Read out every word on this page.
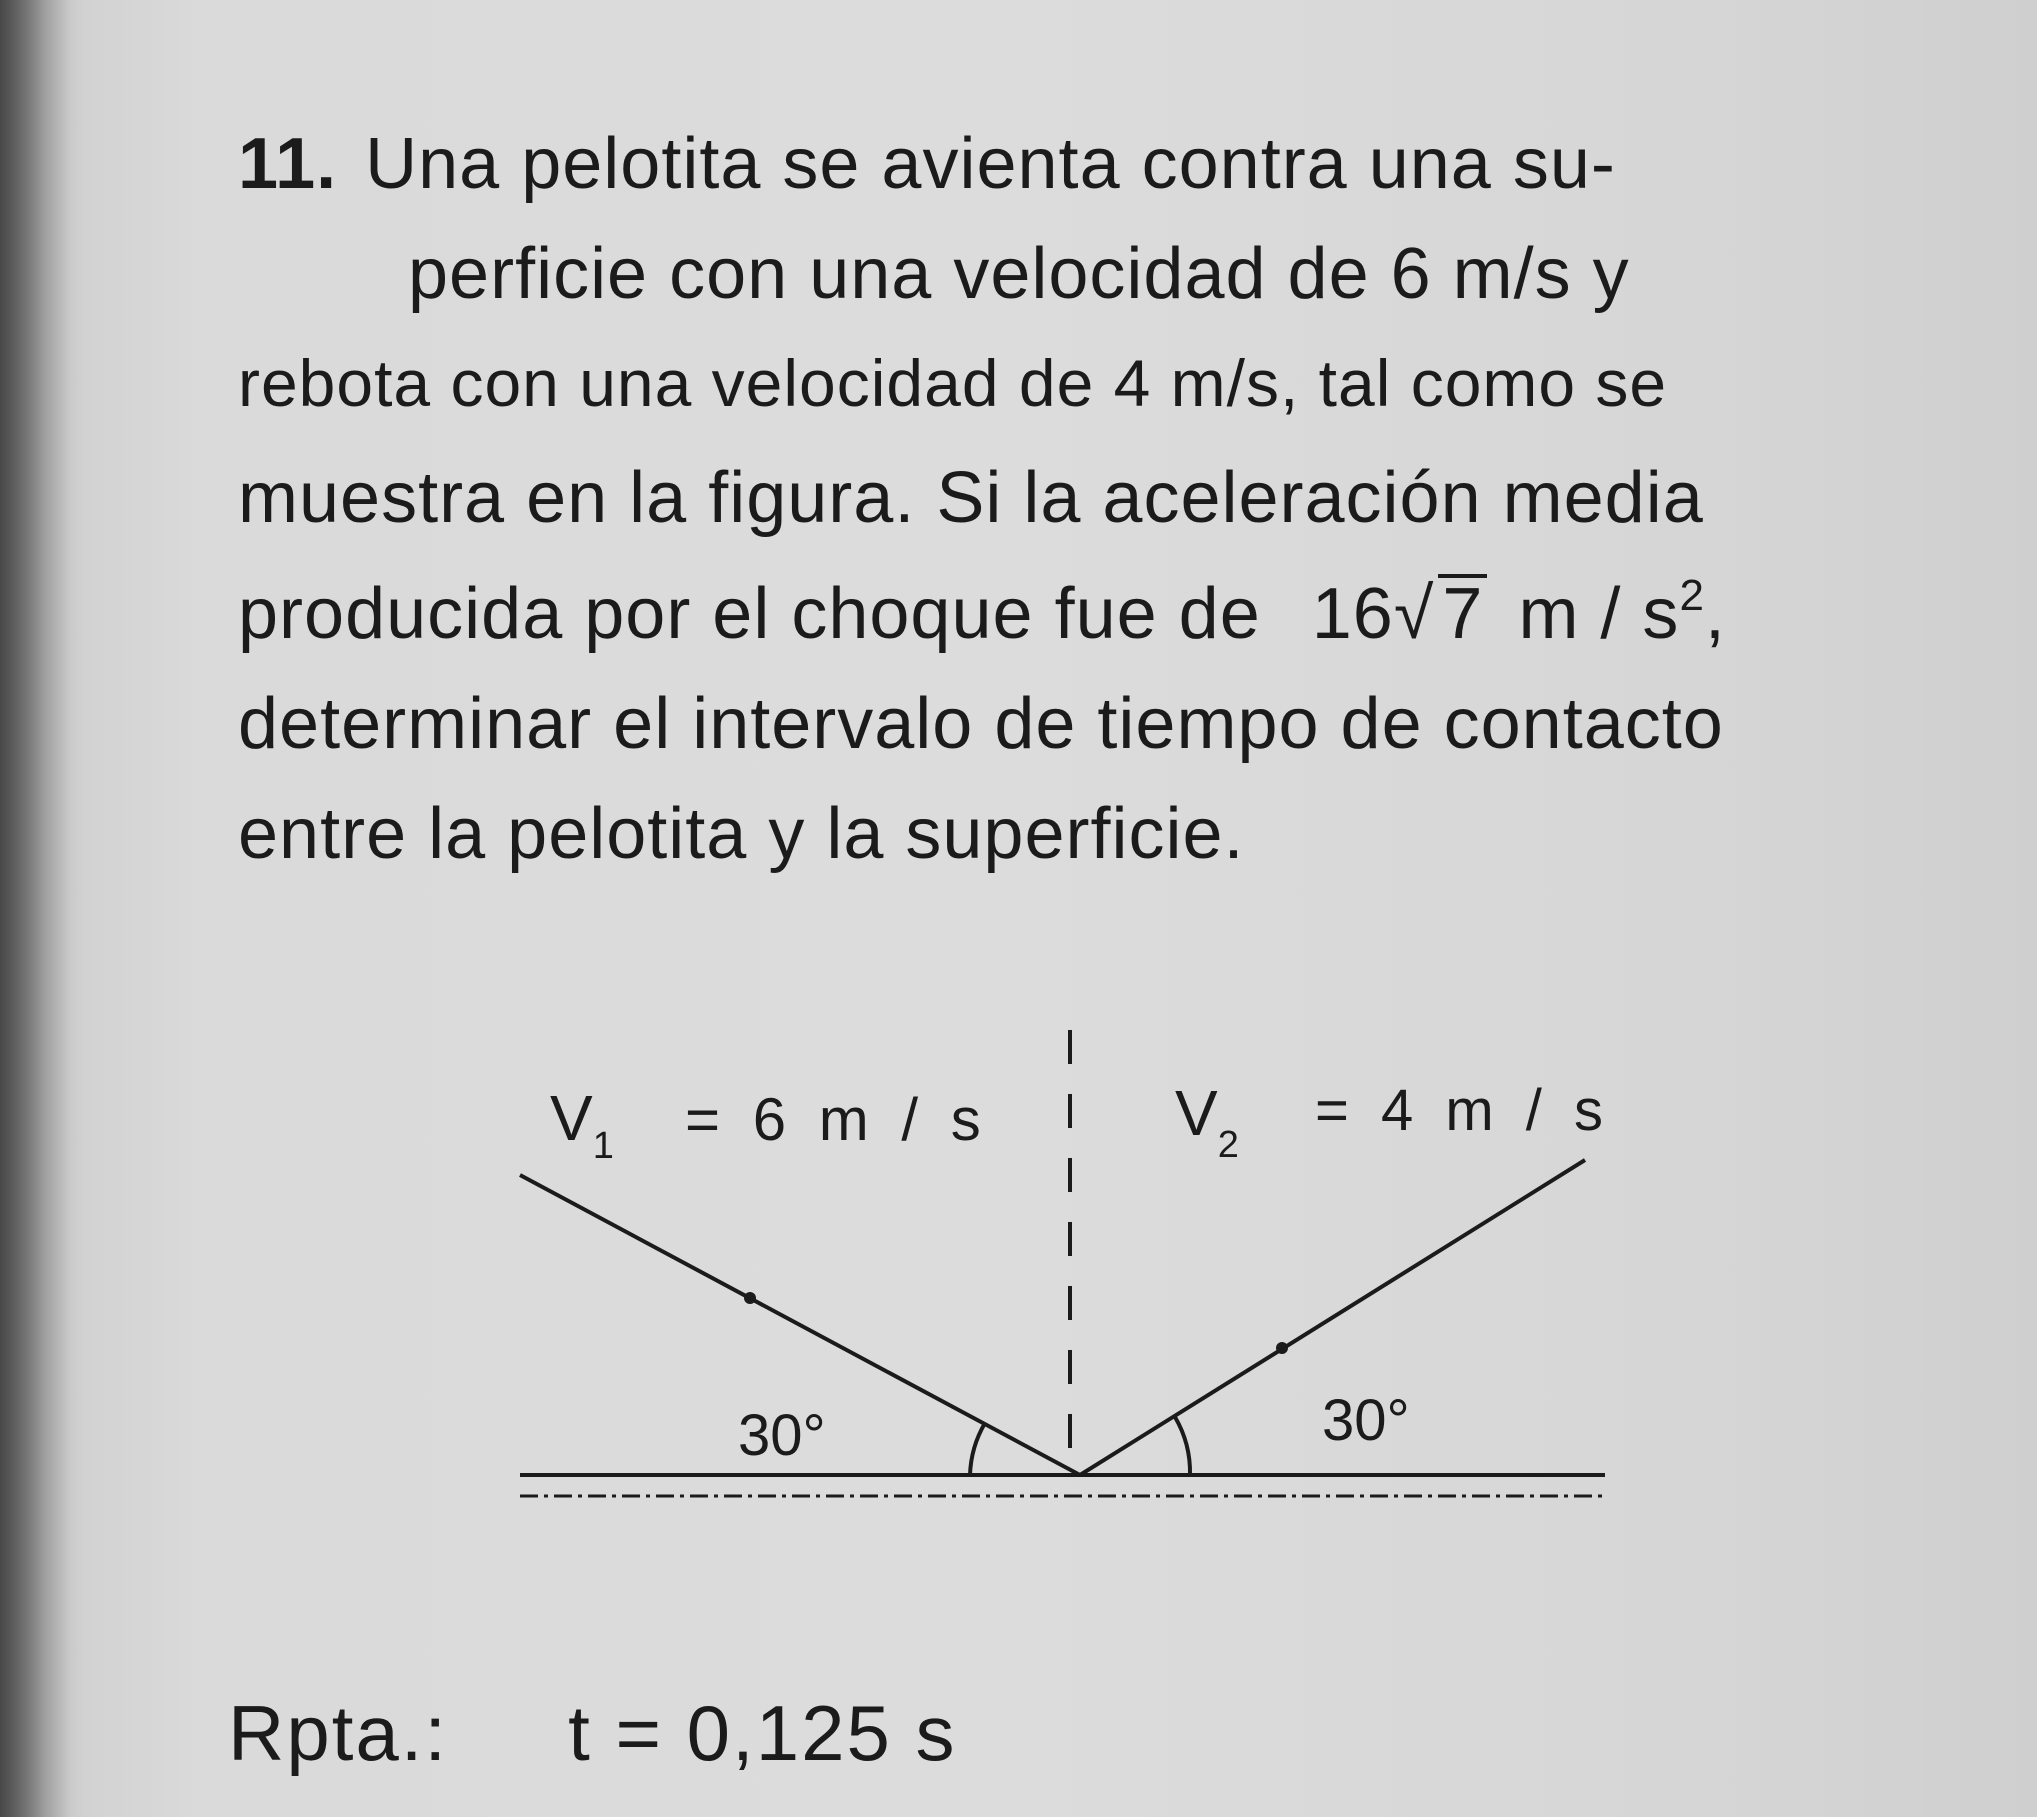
11. Una pelotita se avienta contra una su-
perficie con una velocidad de 6 m/s y
rebota con una velocidad de 4 m/s, tal como se
muestra en la figura. Si la aceleración media
producida por el choque fue de 16√ 7 m / $s^2$,
determinar el intervalo de tiempo de contacto
entre la pelotita y la superficie.
$V_1 = 6$ m / s	$V_2$
= 4 m / s
30°	30°
Rpta.: t = 0,125 s
